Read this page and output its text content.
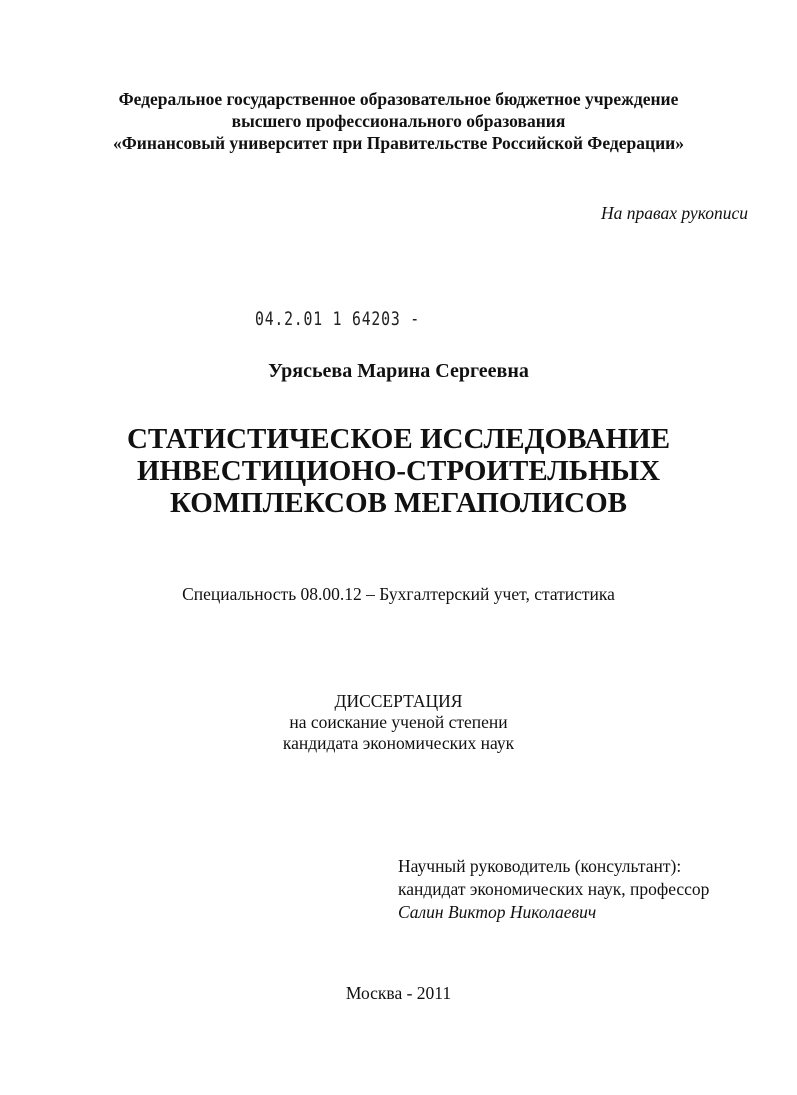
Федеральное государственное образовательное бюджетное учреждение
высшего профессионального образования
«Финансовый университет при Правительстве Российской Федерации»
На правах рукописи
04.2.01 1 64203 -
Урясьева Марина Сергеевна
СТАТИСТИЧЕСКОЕ ИССЛЕДОВАНИЕ
ИНВЕСТИЦИОНО-СТРОИТЕЛЬНЫХ
КОМПЛЕКСОВ МЕГАПОЛИСОВ
Специальность 08.00.12 – Бухгалтерский учет, статистика
ДИССЕРТАЦИЯ
на соискание ученой степени
кандидата экономических наук
Научный руководитель (консультант):
кандидат экономических наук, профессор
Салин Виктор Николаевич
Москва - 2011
